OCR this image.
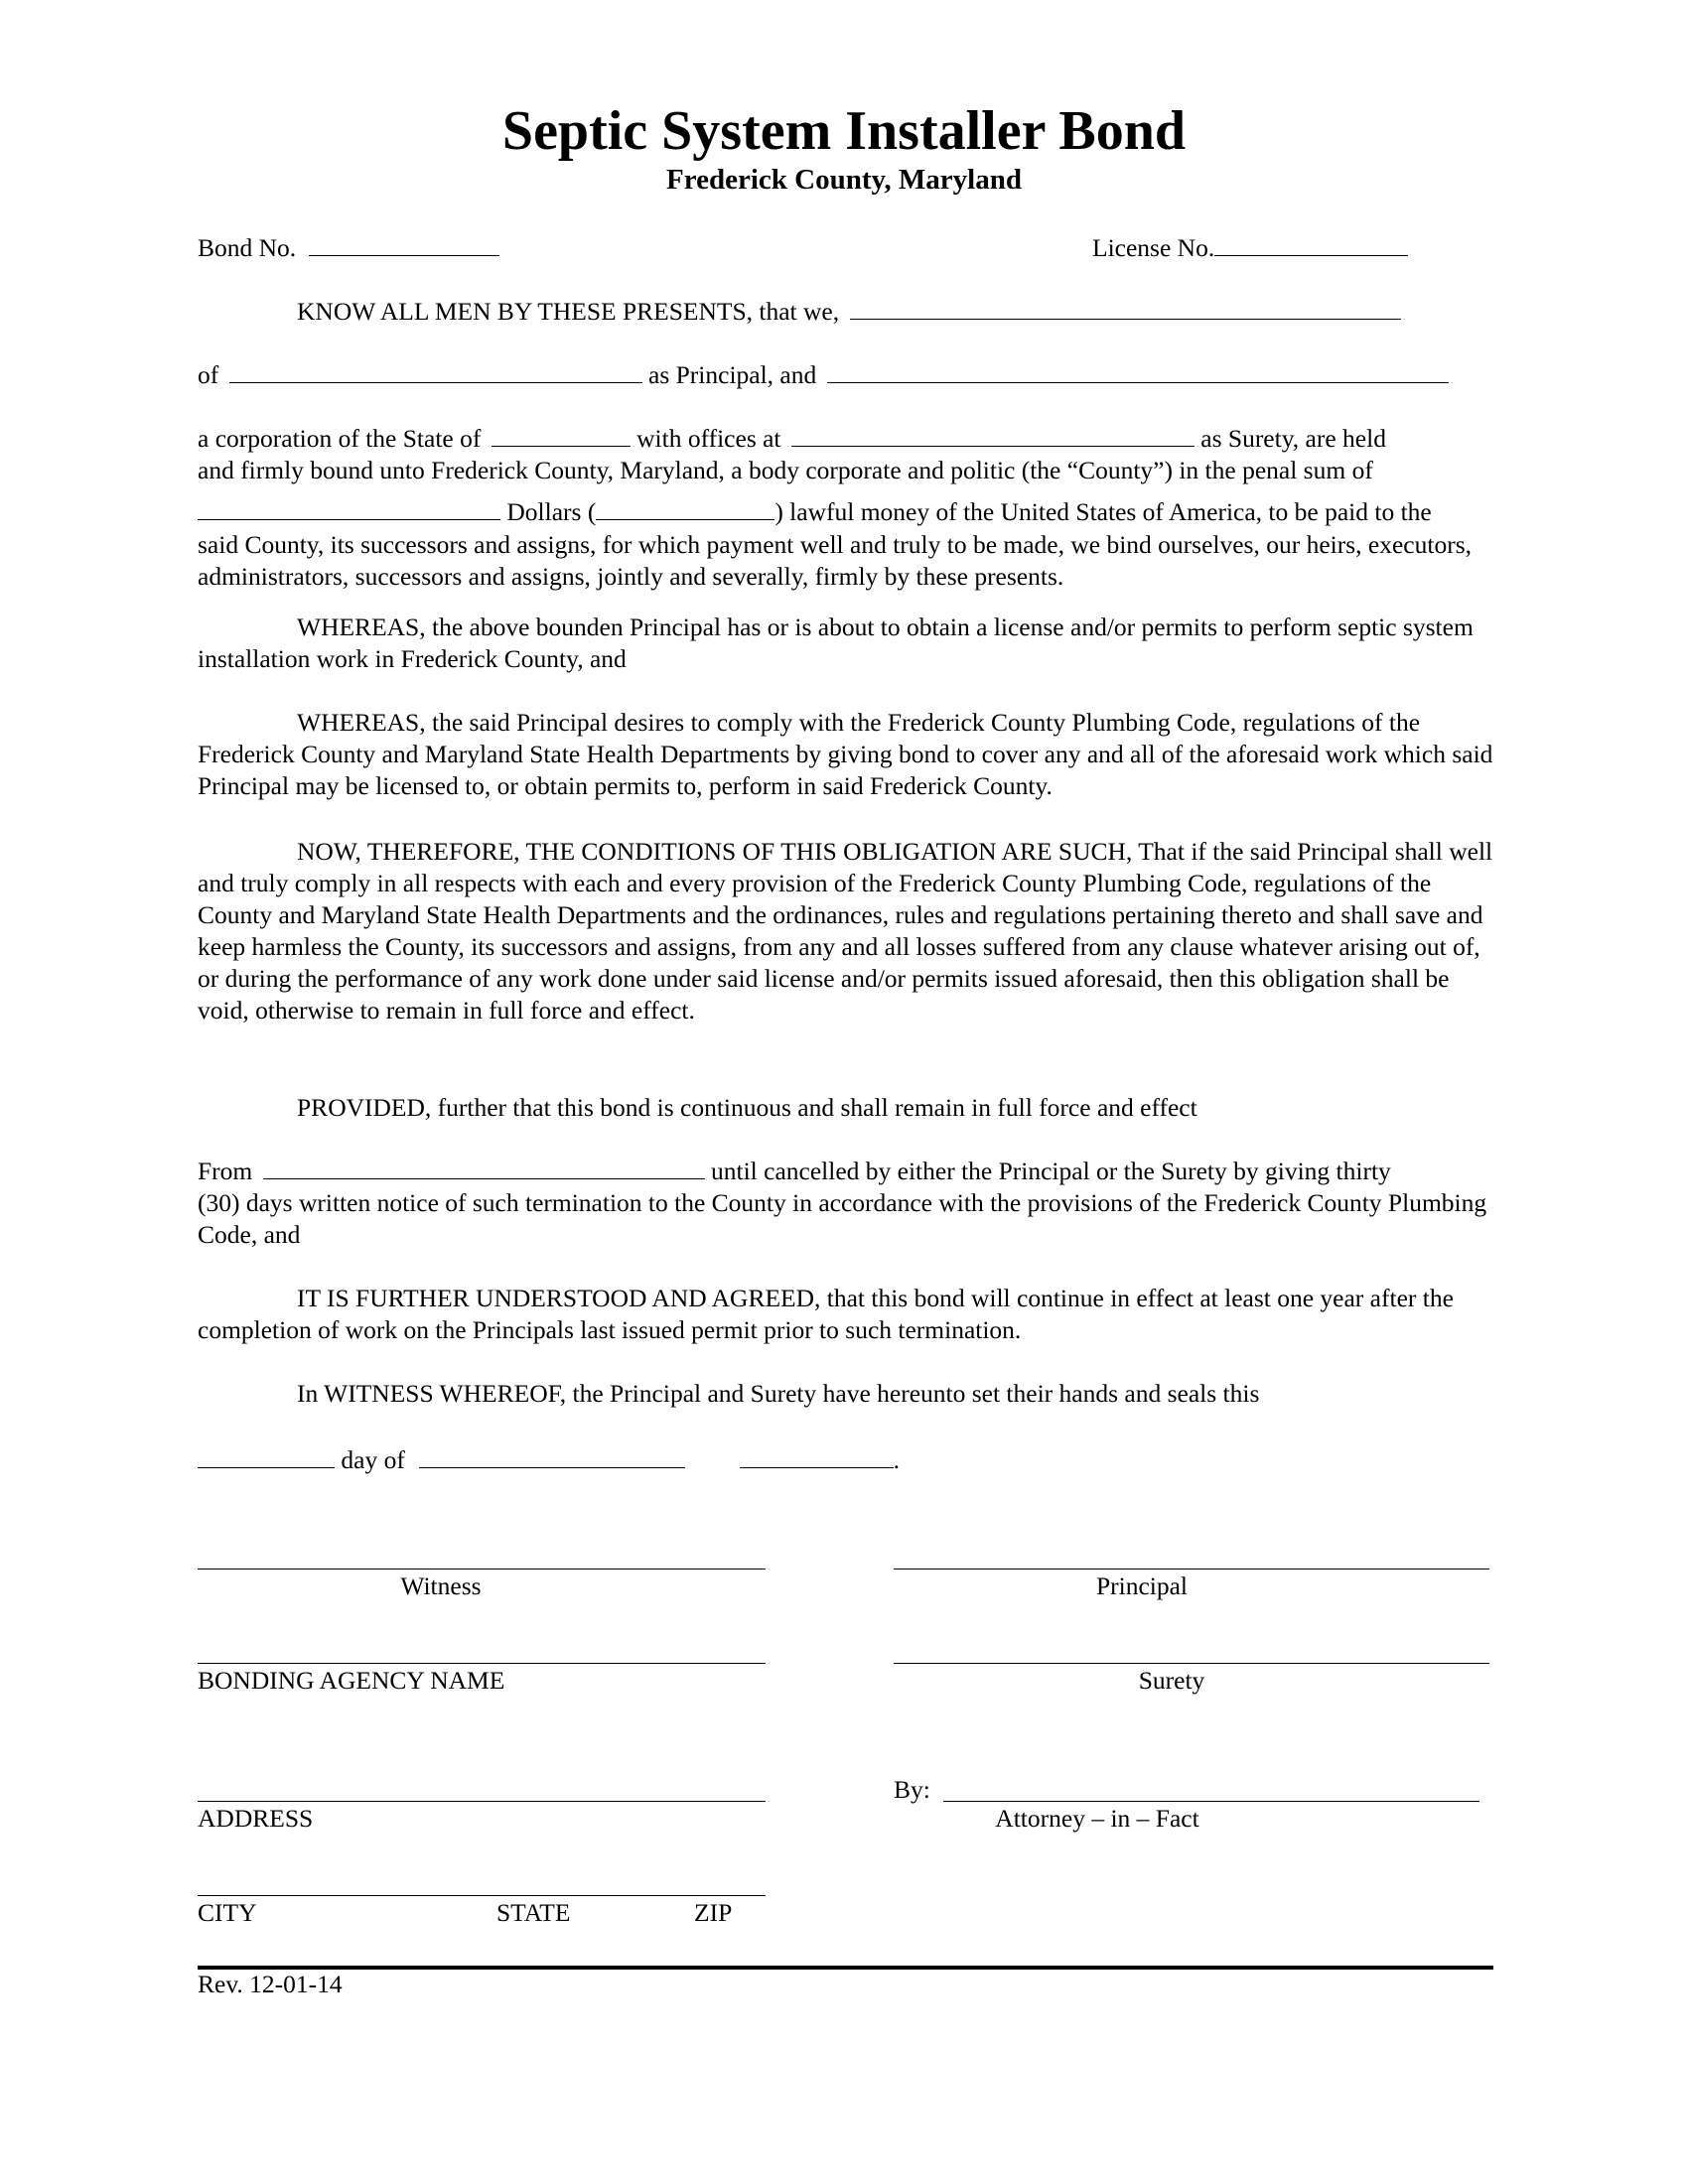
Septic System Installer Bond
Frederick County, Maryland
Bond No.	License No.
KNOW ALL MEN BY THESE PRESENTS, that we,
of	as Principal, and
a corporation of the State of	with offices at	as Surety, are held
and firmly bound unto Frederick County, Maryland, a body corporate and politic (the “County”) in the penal sum of
Dollars (	) lawful money of the United States of America, to be paid to the
said County, its successors and assigns, for which payment well and truly to be made, we bind ourselves, our heirs, executors, administrators, successors and assigns, jointly and severally, firmly by these presents.
WHEREAS, the above bounden Principal has or is about to obtain a license and/or permits to perform septic system installation work in Frederick County, and
WHEREAS, the said Principal desires to comply with the Frederick County Plumbing Code, regulations of the Frederick County and Maryland State Health Departments by giving bond to cover any and all of the aforesaid work which said Principal may be licensed to, or obtain permits to, perform in said Frederick County.
NOW, THEREFORE, THE CONDITIONS OF THIS OBLIGATION ARE SUCH, That if the said Principal shall well and truly comply in all respects with each and every provision of the Frederick County Plumbing Code, regulations of the County and Maryland State Health Departments and the ordinances, rules and regulations pertaining thereto and shall save and keep harmless the County, its successors and assigns, from any and all losses suffered from any clause whatever arising out of, or during the performance of any work done under said license and/or permits issued aforesaid, then this obligation shall be void, otherwise to remain in full force and effect.
PROVIDED, further that this bond is continuous and shall remain in full force and effect
From	until cancelled by either the Principal or the Surety by giving thirty
(30) days written notice of such termination to the County in accordance with the provisions of the Frederick County Plumbing Code, and
IT IS FURTHER UNDERSTOOD AND AGREED, that this bond will continue in effect at least one year after the completion of work on the Principals last issued permit prior to such termination.
In WITNESS WHEREOF, the Principal and Surety have hereunto set their hands and seals this
day of	.
Witness	Principal
BONDING AGENCY NAME	Surety
ADDRESS
By:
Attorney – in – Fact
CITY	STATE	ZIP
Rev. 12-01-14
